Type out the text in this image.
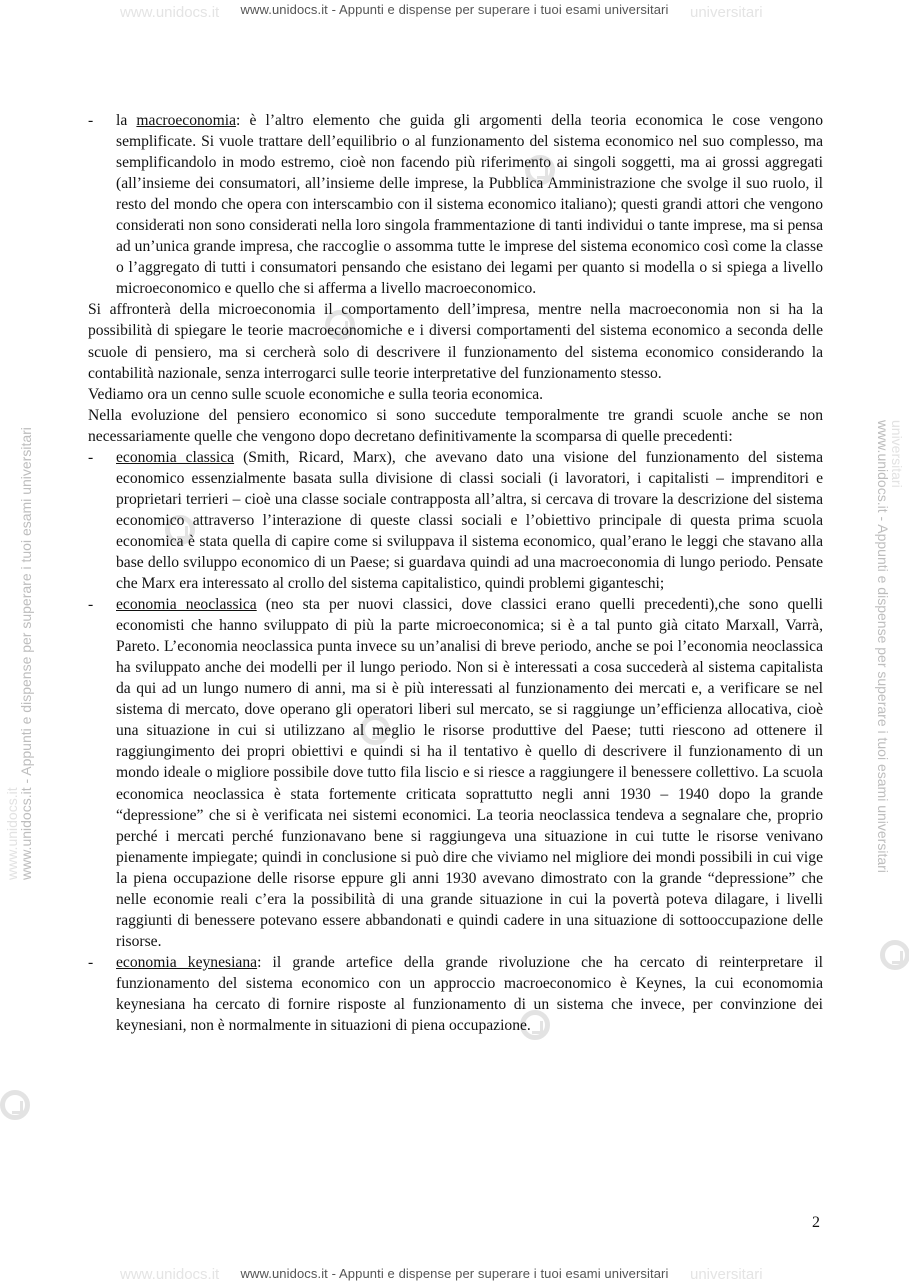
www.unidocs.it	universitari
www.unidocs.it - Appunti e dispense per superare i tuoi esami universitari
www.unidocs.it - Appunti e dispense per superare i tuoi esami universitari
www.unidocs.it	www.unidocs.it - Appunti e dispense per superare i tuoi esami universitari
universitari
- la macroeconomia: è l’altro elemento che guida gli argomenti della teoria economica le cose vengono semplificate. Si vuole trattare dell’equilibrio o al funzionamento del sistema economico nel suo complesso, ma semplificandolo in modo estremo, cioè non facendo più riferimento ai singoli soggetti, ma ai grossi aggregati (all’insieme dei consumatori, all’insieme delle imprese, la Pubblica Amministrazione che svolge il suo ruolo, il resto del mondo che opera con interscambio con il sistema economico italiano); questi grandi attori che vengono considerati non sono considerati nella loro singola frammentazione di tanti individui o tante imprese, ma si pensa ad un’unica grande impresa, che raccoglie o assomma tutte le imprese del sistema economico così come la classe o l’aggregato di tutti i consumatori pensando che esistano dei legami per quanto si modella o si spiega a livello microeconomico e quello che si afferma a livello macroeconomico.

Si affronterà della microeconomia il comportamento dell’impresa, mentre nella macroeconomia non si ha la possibilità di spiegare le teorie macroeconomiche e i diversi comportamenti del sistema economico a seconda delle scuole di pensiero, ma si cercherà solo di descrivere il funzionamento del sistema economico considerando la contabilità nazionale, senza interrogarci sulle teorie interpretative del funzionamento stesso.

Vediamo ora un cenno sulle scuole economiche e sulla teoria economica.

Nella evoluzione del pensiero economico si sono succedute temporalmente tre grandi scuole anche se non necessariamente quelle che vengono dopo decretano definitivamente la scomparsa di quelle precedenti:

- economia classica (Smith, Ricard, Marx), che avevano dato una visione del funzionamento del sistema economico essenzialmente basata sulla divisione di classi sociali (i lavoratori, i capitalisti – imprenditori e proprietari terrieri – cioè una classe sociale contrapposta all’altra, si cercava di trovare la descrizione del sistema economico attraverso l’interazione di queste classi sociali e l’obiettivo principale di questa prima scuola economica è stata quella di capire come si sviluppava il sistema economico, qual’erano le leggi che stavano alla base dello sviluppo economico di un Paese; si guardava quindi ad una macroeconomia di lungo periodo. Pensate che Marx era interessato al crollo del sistema capitalistico, quindi problemi giganteschi;
- economia neoclassica (neo sta per nuovi classici, dove classici erano quelli precedenti),che sono quelli economisti che hanno sviluppato di più la parte microeconomica; si è a tal punto già citato Marxall, Varrà, Pareto. L’economia neoclassica punta invece su un’analisi di breve periodo, anche se poi l’economia neoclassica ha sviluppato anche dei modelli per il lungo periodo. Non si è interessati a cosa succederà al sistema capitalista da qui ad un lungo numero di anni, ma si è più interessati al funzionamento dei mercati e, a verificare se nel sistema di mercato, dove operano gli operatori liberi sul mercato, se si raggiunge un’efficienza allocativa, cioè una situazione in cui si utilizzano al meglio le risorse produttive del Paese; tutti riescono ad ottenere il raggiungimento dei propri obiettivi e quindi si ha il tentativo è quello di descrivere il funzionamento di un mondo ideale o migliore possibile dove tutto fila liscio e si riesce a raggiungere il benessere collettivo. La scuola economica neoclassica è stata fortemente criticata soprattutto negli anni 1930 – 1940 dopo la grande “depressione” che si è verificata nei sistemi economici. La teoria neoclassica tendeva a segnalare che, proprio perché i mercati perché funzionavano bene si raggiungeva una situazione in cui tutte le risorse venivano pienamente impiegate; quindi in conclusione si può dire che viviamo nel migliore dei mondi possibili in cui vige la piena occupazione delle risorse eppure gli anni 1930 avevano dimostrato con la grande “depressione” che nelle economie reali c’era la possibilità di una grande situazione in cui la povertà poteva dilagare, i livelli raggiunti di benessere potevano essere abbandonati e quindi cadere in una situazione di sottooccupazione delle risorse.
- economia keynesiana: il grande artefice della grande rivoluzione che ha cercato di reinterpretare il funzionamento del sistema economico con un approccio macroeconomico è Keynes, la cui economomia keynesiana ha cercato di fornire risposte al funzionamento di un sistema che invece, per convinzione dei keynesiani, non è normalmente in situazioni di piena occupazione.
2
www.unidocs.it	universitari
www.unidocs.it - Appunti e dispense per superare i tuoi esami universitari
